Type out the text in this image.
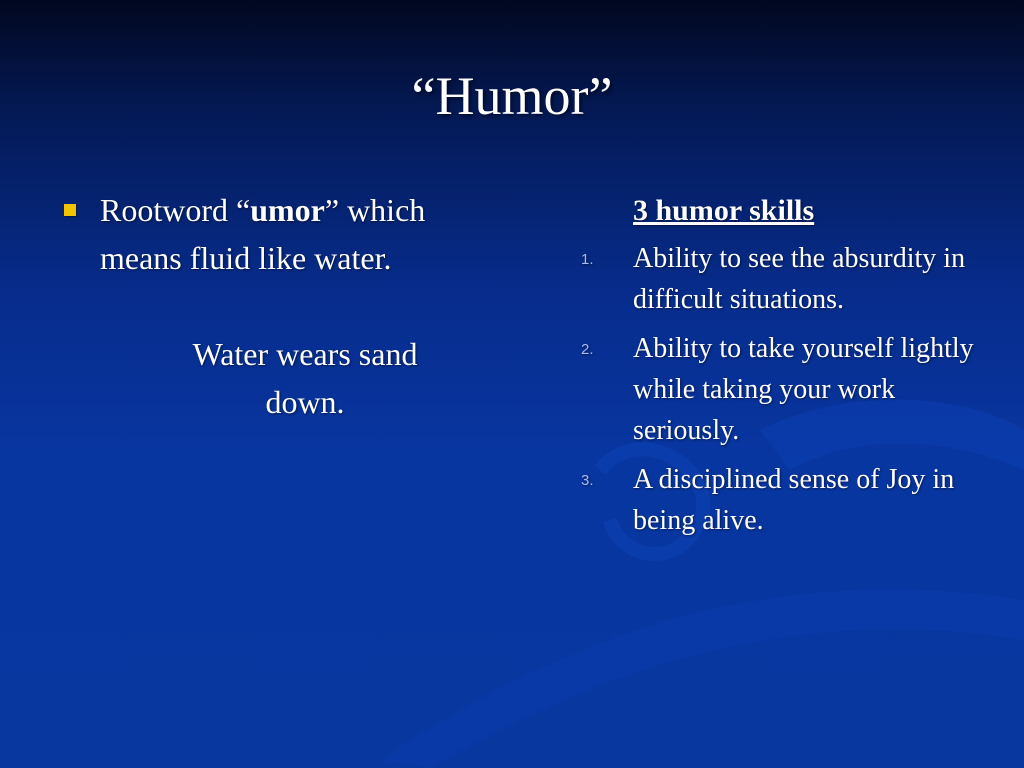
“Humor”
Rootword “umor” which means fluid like water.
Water wears sand down.
3 humor skills
1. Ability to see the absurdity in difficult situations.
2. Ability to take yourself lightly while taking your work seriously.
3. A disciplined sense of Joy in being alive.
